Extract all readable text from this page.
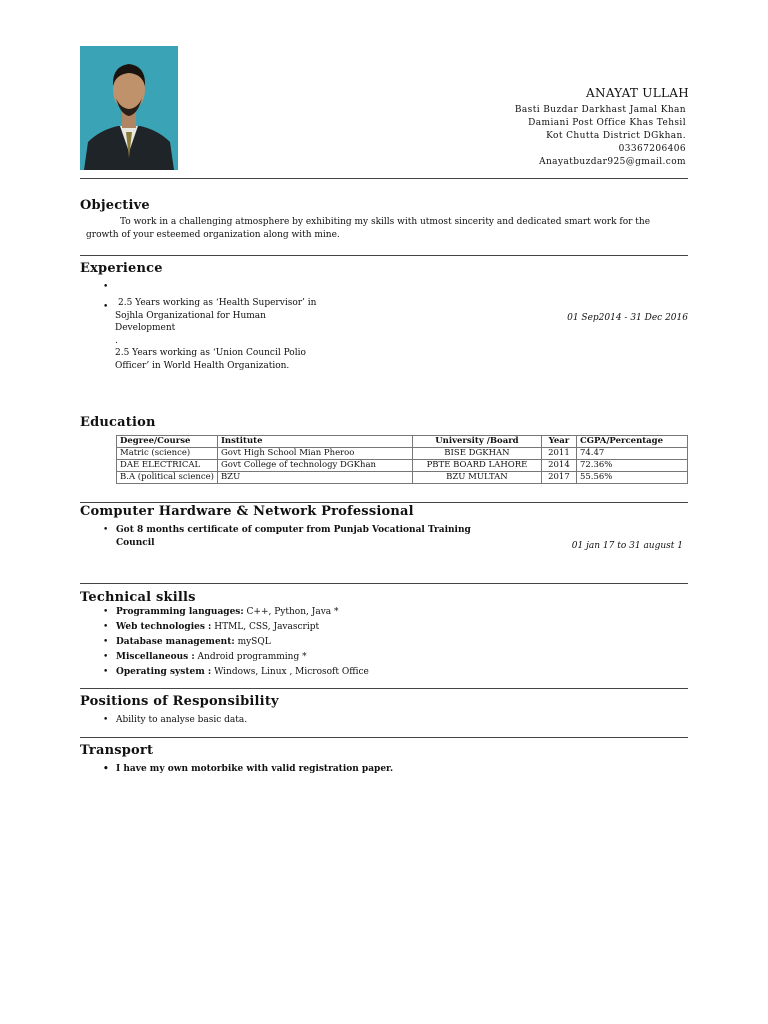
ANAYAT ULLAH
Basti Buzdar Darkhast Jamal Khan
Damiani Post Office Khas Tehsil
Kot Chutta District DGkhan.
03367206406
Anayatbuzdar925@gmail.com
Objective
To work in a challenging atmosphere by exhibiting my skills with utmost sincerity and dedicated smart work for the
growth of your esteemed organization along with mine.
Experience
•
•	2.5 Years working as ‘Health Supervisor’ in
Sojhla Organizational for Human
Development
.
2.5 Years working as ‘Union Council Polio
Officer’ in World Health Organization.
01 Sep2014 - 31 Dec 2016
Education
Degree/Course	Institute	University /Board	Year	CGPA/Percentage
Matric (science)	Govt High School Mian Pheroo	BISE DGKHAN	2011	74.47
DAE ELECTRICAL	Govt College of technology DGKhan	PBTE BOARD LAHORE	2014	72.36%
B.A (political science)	BZU	BZU MULTAN	2017	55.56%
Computer Hardware & Network Professional
• Got 8 months certificate of computer from Punjab Vocational Training
Council	01 jan 17 to 31 august 1
Technical skills
• Programming languages: C++, Python, Java *
• Web technologies : HTML, CSS, Javascript
• Database management: mySQL
• Miscellaneous : Android programming *
• Operating system : Windows, Linux , Microsoft Office
Positions of Responsibility
• Ability to analyse basic data.
Transport
• I have my own motorbike with valid registration paper.
